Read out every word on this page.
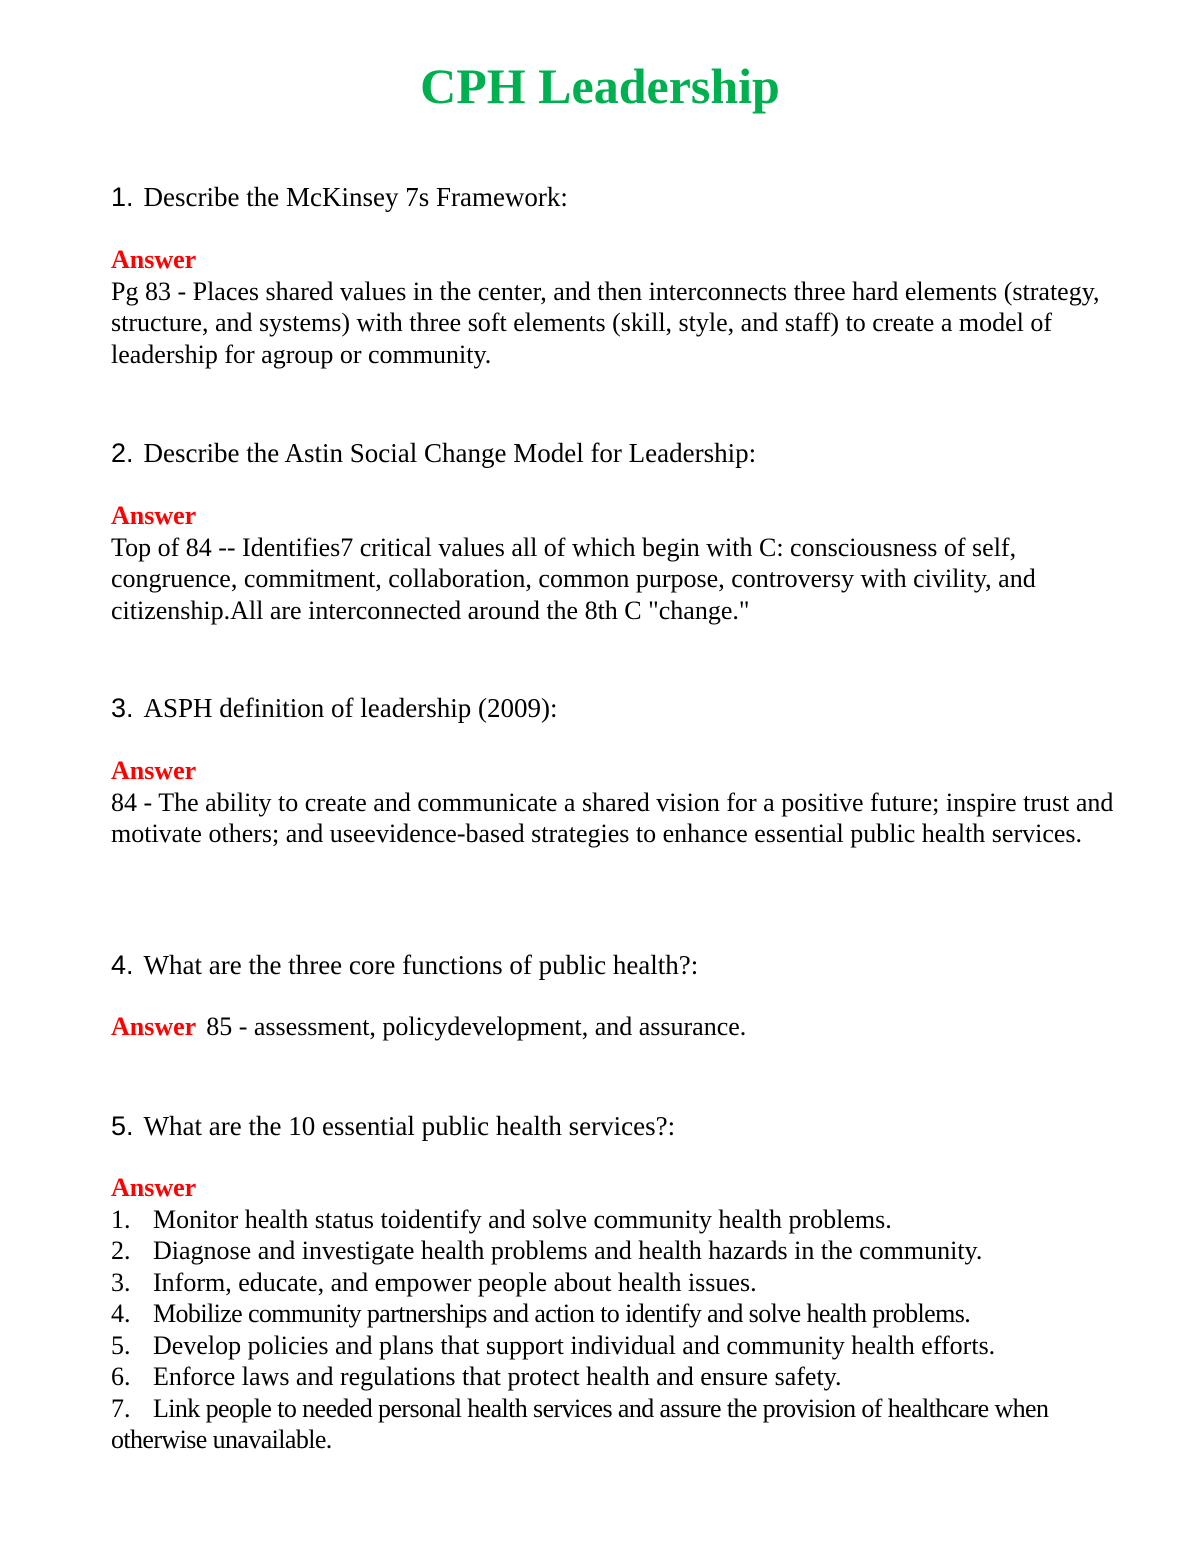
CPH Leadership
1. Describe the McKinsey 7s Framework:
Answer
Pg 83 - Places shared values in the center, and then interconnects three hard elements (strategy, structure, and systems) with three soft elements (skill, style, and staff) to create a model of leadership for agroup or community.
2. Describe the Astin Social Change Model for Leadership:
Answer
Top of 84 -- Identifies7 critical values all of which begin with C: consciousness of self, congruence, commitment, collaboration, common purpose, controversy with civility, and citizenship.All are interconnected around the 8th C "change."
3. ASPH definition of leadership (2009):
Answer
84 - The ability to create and communicate a shared vision for a positive future; inspire trust and motivate others; and useevidence-based strategies to enhance essential public health services.
4. What are the three core functions of public health?:
Answer 85 - assessment, policydevelopment, and assurance.
5. What are the 10 essential public health services?:
Answer
1. Monitor health status toidentify and solve community health problems.
2. Diagnose and investigate health problems and health hazards in the community.
3. Inform, educate, and empower people about health issues.
4. Mobilize community partnerships and action to identify and solve health problems.
5. Develop policies and plans that support individual and community health efforts.
6. Enforce laws and regulations that protect health and ensure safety.
7. Link people to needed personal health services and assure the provision of healthcare when otherwise unavailable.
